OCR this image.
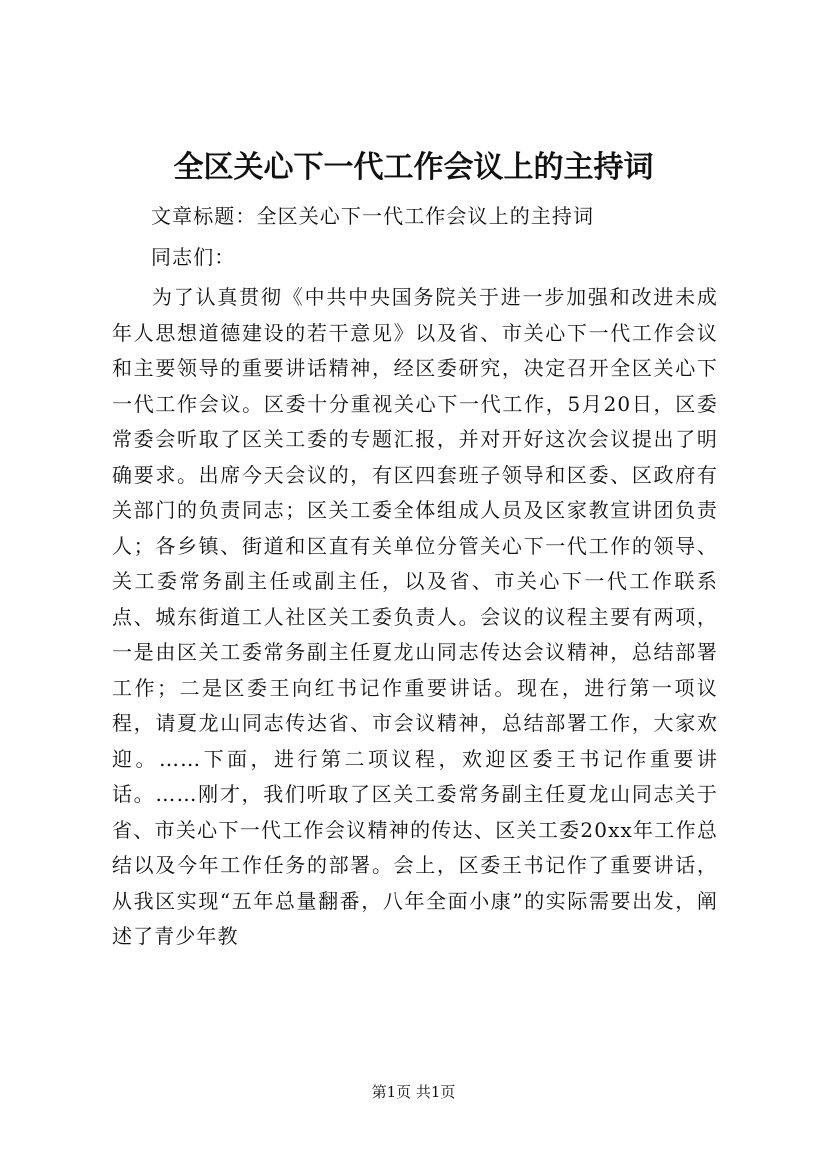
全区关心下一代工作会议上的主持词
文章标题：全区关心下一代工作会议上的主持词
同志们：

为了认真贯彻《中共中央国务院关于进一步加强和改进未成年人思想道德建设的若干意见》以及省、市关心下一代工作会议和主要领导的重要讲话精神，经区委研究，决定召开全区关心下一代工作会议。区委十分重视关心下一代工作，5月20日，区委常委会听取了区关工委的专题汇报，并对开好这次会议提出了明确要求。出席今天会议的，有区四套班子领导和区委、区政府有关部门的负责同志；区关工委全体组成人员及区家教宣讲团负责人；各乡镇、街道和区直有关单位分管关心下一代工作的领导、关工委常务副主任或副主任，以及省、市关心下一代工作联系点、城东街道工人社区关工委负责人。会议的议程主要有两项，一是由区关工委常务副主任夏龙山同志传达会议精神，总结部署工作；二是区委王向红书记作重要讲话。现在，进行第一项议程，请夏龙山同志传达省、市会议精神，总结部署工作，大家欢迎。……下面，进行第二项议程，欢迎区委王书记作重要讲话。……刚才，我们听取了区关工委常务副主任夏龙山同志关于省、市关心下一代工作会议精神的传达、区关工委20xx年工作总结以及今年工作任务的部署。会上，区委王书记作了重要讲话，从我区实现“五年总量翻番，八年全面小康”的实际需要出发，阐述了青少年教

第1页 共1页
